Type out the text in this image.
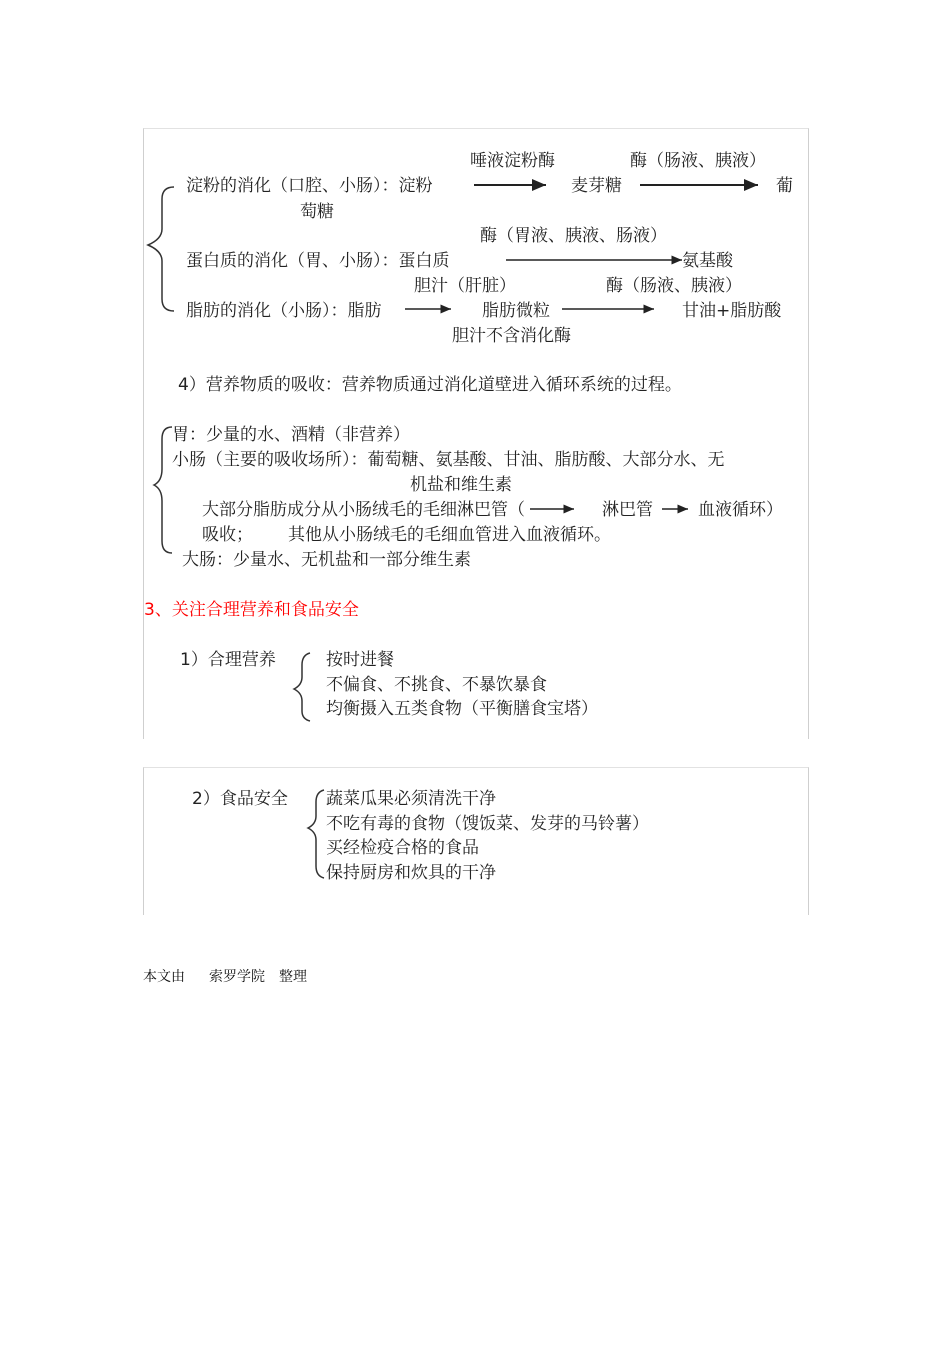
唾液淀粉酶	酶（肠液、胰液）
淀粉的消化（口腔、小肠）：淀粉	麦芽糖	葡
萄糖
酶（胃液、胰液、肠液）
蛋白质的消化（胃、小肠）：蛋白质	氨基酸
胆汁（肝脏）	酶（肠液、胰液）
脂肪的消化（小肠）：脂肪	脂肪微粒	甘油+脂肪酸
胆汁不含消化酶
4）营养物质的吸收：营养物质通过消化道壁进入循环系统的过程。
胃：少量的水、酒精（非营养）
小肠（主要的吸收场所）：葡萄糖、氨基酸、甘油、脂肪酸、大部分水、无
机盐和维生素
大部分脂肪成分从小肠绒毛的毛细淋巴管（	淋巴管	血液循环）
吸收； 其他从小肠绒毛的毛细血管进入血液循环。
大肠：少量水、无机盐和一部分维生素
3、关注合理营养和食品安全
1）合理营养	按时进餐
不偏食、不挑食、不暴饮暴食
均衡摄入五类食物（平衡膳食宝塔）
2）食品安全 蔬菜瓜果必须清洗干净
不吃有毒的食物（馊饭菜、发芽的马铃薯）
买经检疫合格的食品
保持厨房和炊具的干净
本文由 索罗学院 整理
